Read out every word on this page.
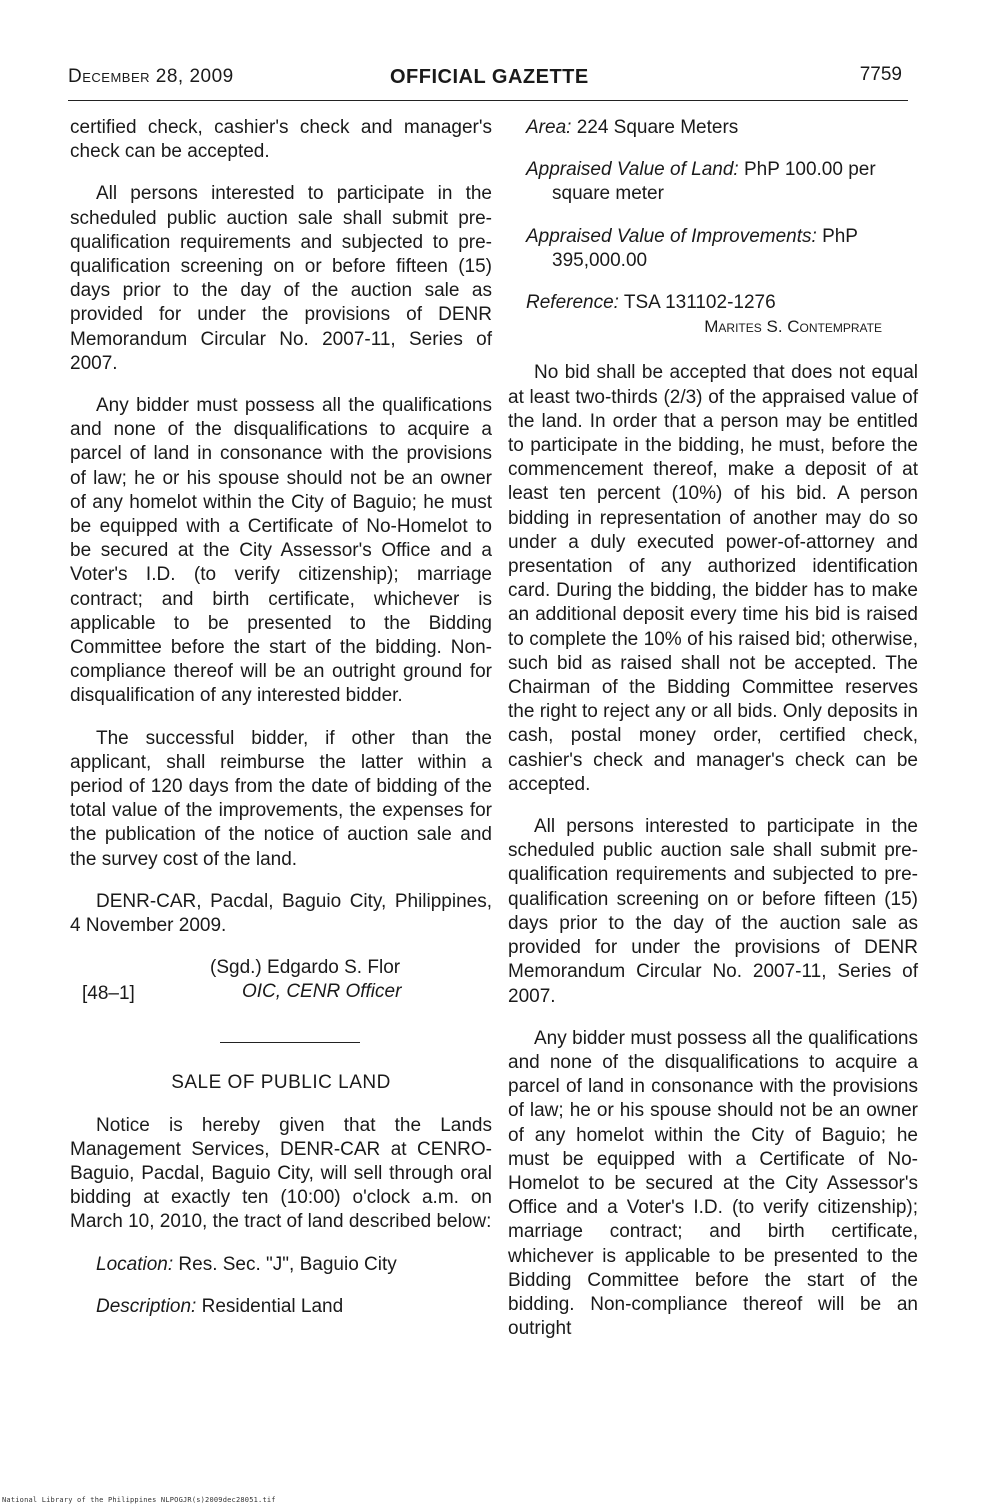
December 28, 2009	OFFICIAL GAZETTE	7759

certified check, cashier's check and manager's check can be accepted.

All persons interested to participate in the scheduled public auction sale shall submit pre-qualification requirements and subjected to pre-qualification screening on or before fifteen (15) days prior to the day of the auction sale as provided for under the provisions of DENR Memorandum Circular No. 2007-11, Series of 2007.

Any bidder must possess all the qualifications and none of the disqualifications to acquire a parcel of land in consonance with the provisions of law; he or his spouse should not be an owner of any homelot within the City of Baguio; he must be equipped with a Certificate of No-Homelot to be secured at the City Assessor's Office and a Voter's I.D. (to verify citizenship); marriage contract; and birth certificate, whichever is applicable to be presented to the Bidding Committee before the start of the bidding. Non-compliance thereof will be an outright ground for disqualification of any interested bidder.

The successful bidder, if other than the applicant, shall reimburse the latter within a period of 120 days from the date of bidding of the total value of the improvements, the expenses for the publication of the notice of auction sale and the survey cost of the land.

DENR-CAR, Pacdal, Baguio City, Philippines, 4 November 2009.

(Sgd.) Edgardo S. Flor
OIC, CENR Officer
[48–1]
SALE OF PUBLIC LAND

Notice is hereby given that the Lands Management Services, DENR-CAR at CENRO-Baguio, Pacdal, Baguio City, will sell through oral bidding at exactly ten (10:00) o'clock a.m. on March 10, 2010, the tract of land described below:

Location: Res. Sec. "J", Baguio City
Description: Residential Land
Area: 224 Square Meters
Appraised Value of Land: PhP 100.00 per square meter
Appraised Value of Improvements: PhP 395,000.00
Reference: TSA 131102-1276
Marites S. Contemprate

No bid shall be accepted that does not equal at least two-thirds (2/3) of the appraised value of the land. In order that a person may be entitled to participate in the bidding, he must, before the commencement thereof, make a deposit of at least ten percent (10%) of his bid. A person bidding in representation of another may do so under a duly executed power-of-attorney and presentation of any authorized identification card. During the bidding, the bidder has to make an additional deposit every time his bid is raised to complete the 10% of his raised bid; otherwise, such bid as raised shall not be accepted. The Chairman of the Bidding Committee reserves the right to reject any or all bids. Only deposits in cash, postal money order, certified check, cashier's check and manager's check can be accepted.

All persons interested to participate in the scheduled public auction sale shall submit pre-qualification requirements and subjected to pre-qualification screening on or before fifteen (15) days prior to the day of the auction sale as provided for under the provisions of DENR Memorandum Circular No. 2007-11, Series of 2007.

Any bidder must possess all the qualifications and none of the disqualifications to acquire a parcel of land in consonance with the provisions of law; he or his spouse should not be an owner of any homelot within the City of Baguio; he must be equipped with a Certificate of No-Homelot to be secured at the City Assessor's Office and a Voter's I.D. (to verify citizenship); marriage contract; and birth certificate, whichever is applicable to be presented to the Bidding Committee before the start of the bidding. Non-compliance thereof will be an outright

National Library of the Philippines NLPOGJR(s)2009dec28051.tif
